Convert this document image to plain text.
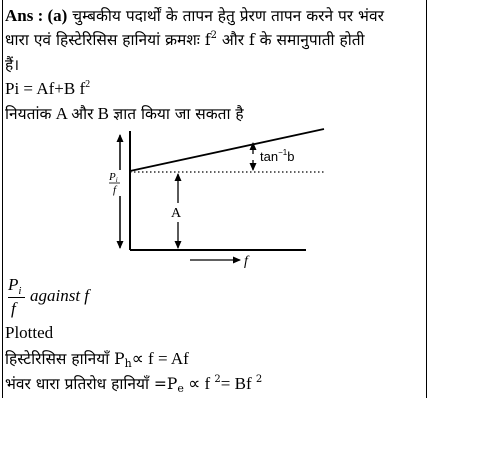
Ans : (a) चुम्बकीय पदार्थों के तापन हेतु प्रेरण तापन करने पर भंवर
धारा एवं हिस्टेरिसिस हानियां क्रमशः $f^2$ और f के समानुपाती होती
हैं।
Pi = Af+B $f^2$
नियतांक A और B ज्ञात किया जा सकता है
Pi
f
$\tan^{-1}b$
A
f
$P_i$
f
against f
Plotted
हिस्टेरिसिस हानियाँ $P_h\propto f = Af$
भंवर धारा प्रतिरोध हानियाँ $=P_e \propto f$ $^2$= Bf $^2$
